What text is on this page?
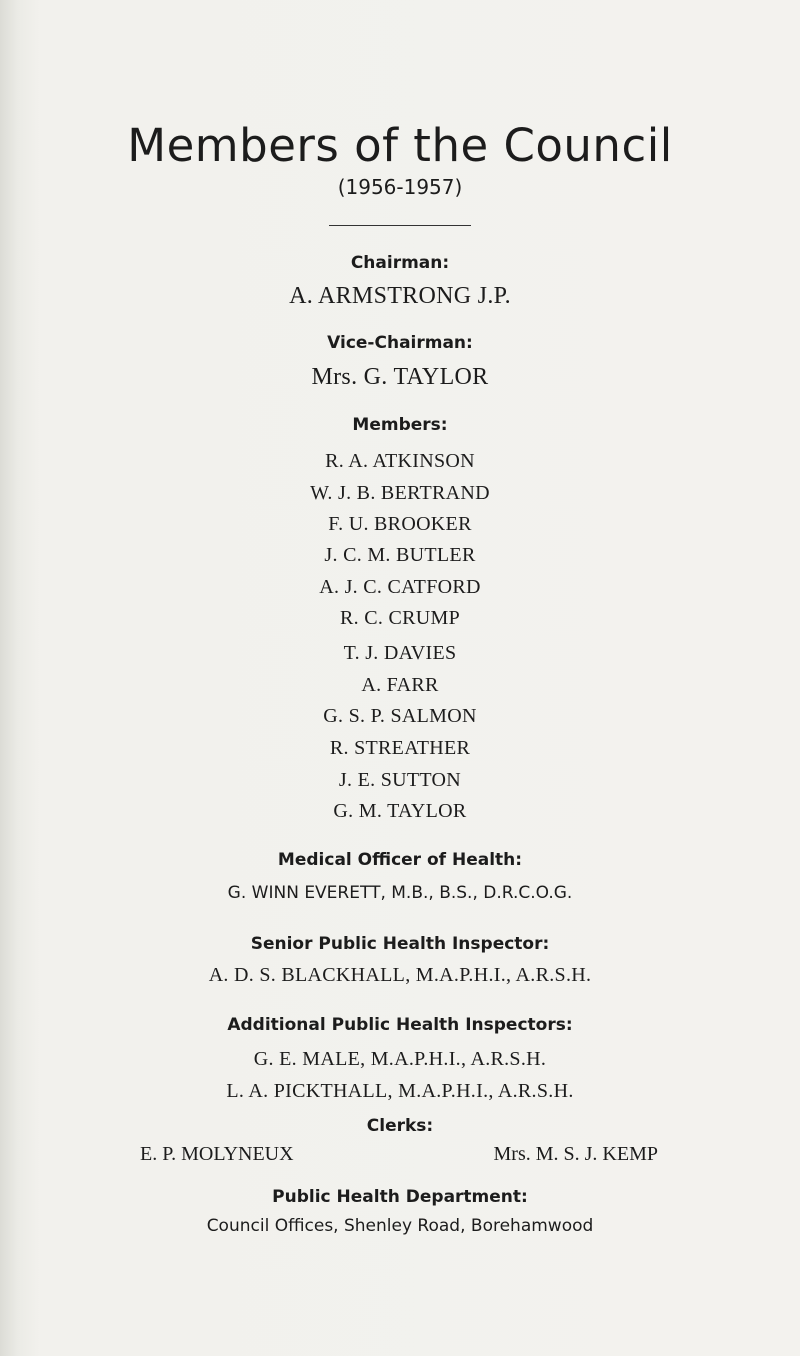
Members of the Council
(1956-1957)
Chairman:
A. ARMSTRONG J.P.
Vice-Chairman:
Mrs. G. TAYLOR
Members:
R. A. ATKINSON
W. J. B. BERTRAND
F. U. BROOKER
J. C. M. BUTLER
A. J. C. CATFORD
R. C. CRUMP
T. J. DAVIES
A. FARR
G. S. P. SALMON
R. STREATHER
J. E. SUTTON
G. M. TAYLOR
Medical Officer of Health:
G. WINN EVERETT, M.B., B.S., D.R.C.O.G.
Senior Public Health Inspector:
A. D. S. BLACKHALL, M.A.P.H.I., A.R.S.H.
Additional Public Health Inspectors:
G. E. MALE, M.A.P.H.I., A.R.S.H.
L. A. PICKTHALL, M.A.P.H.I., A.R.S.H.
Clerks:
E. P. MOLYNEUX	Mrs. M. S. J. KEMP
Public Health Department:
Council Offices, Shenley Road, Borehamwood
